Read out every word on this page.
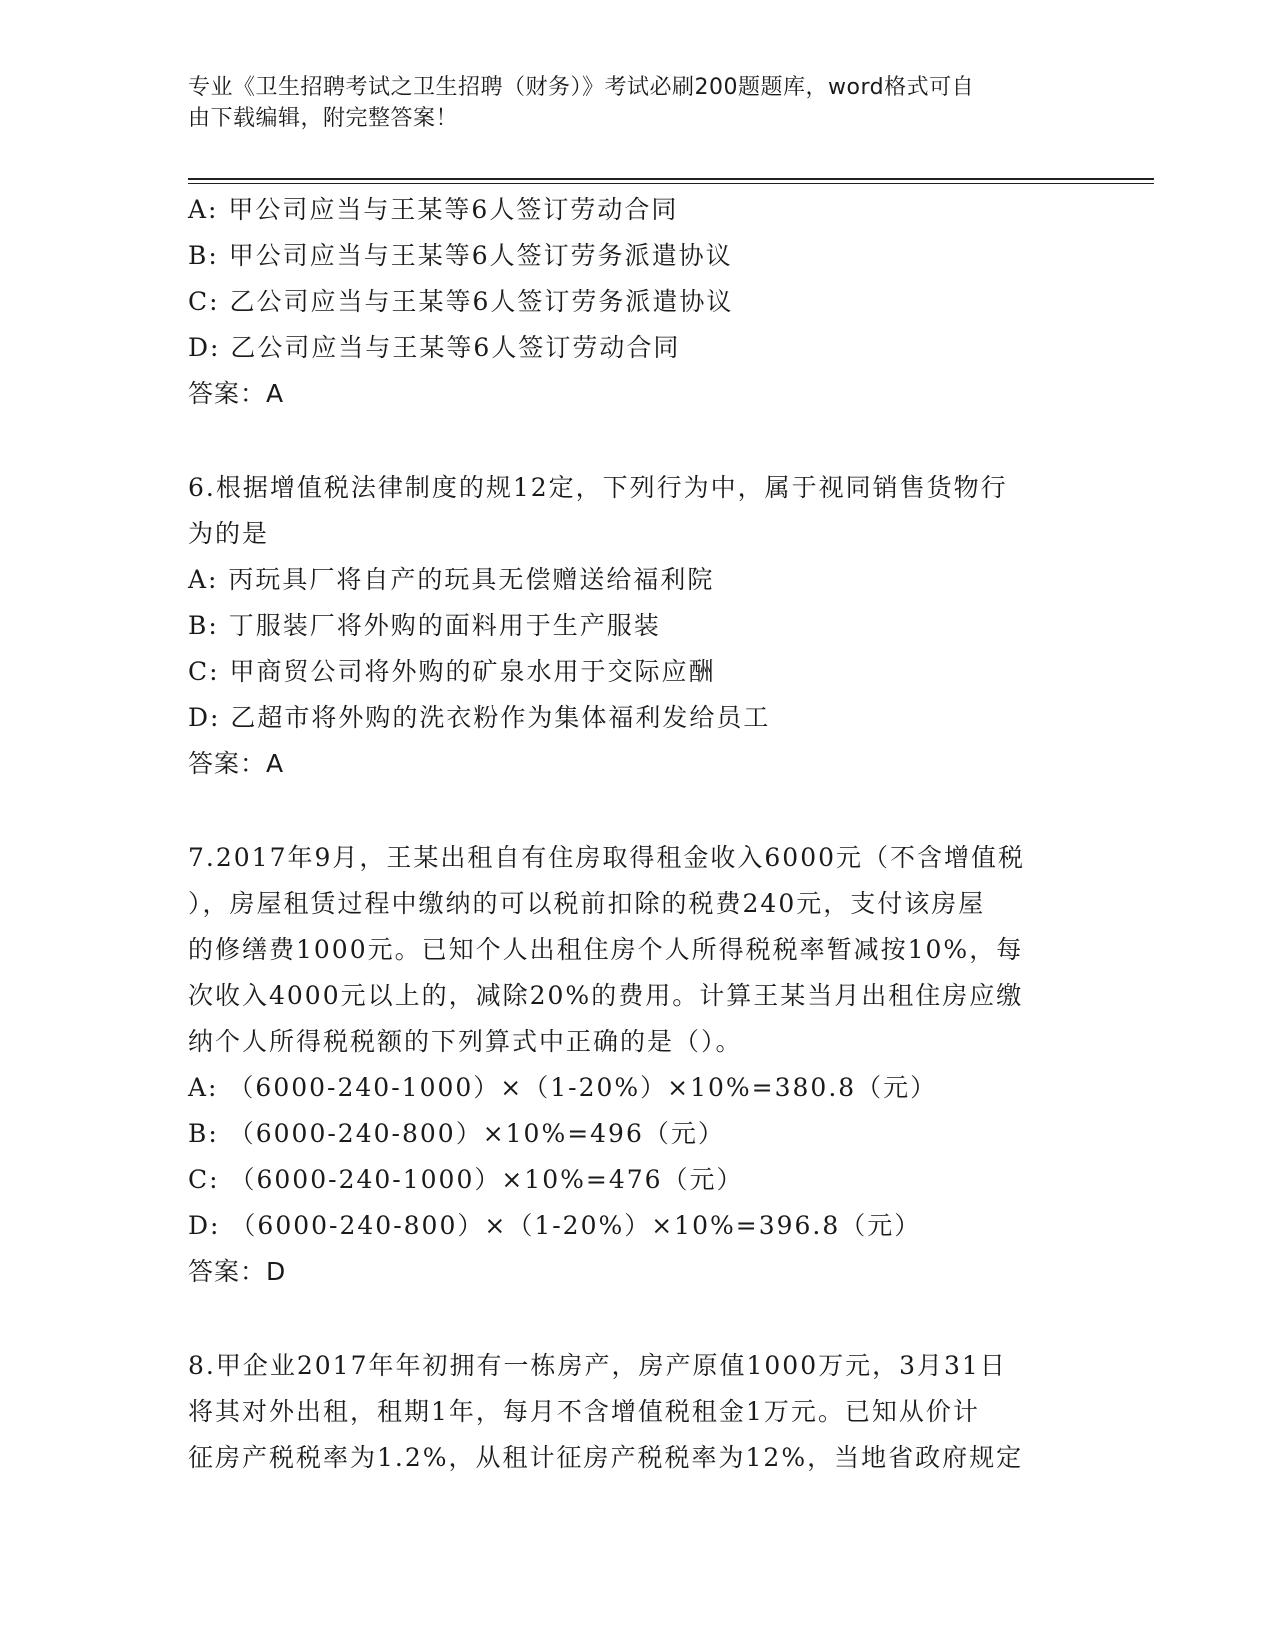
专业《卫生招聘考试之卫生招聘（财务）》考试必刷200题题库，word格式可自
由下载编辑，附完整答案！
A: 甲公司应当与王某等6人签订劳动合同
B: 甲公司应当与王某等6人签订劳务派遣协议
C: 乙公司应当与王某等6人签订劳务派遣协议
D: 乙公司应当与王某等6人签订劳动合同
答案：A
6.根据增值税法律制度的规12定，下列行为中，属于视同销售货物行
为的是
A: 丙玩具厂将自产的玩具无偿赠送给福利院
B: 丁服装厂将外购的面料用于生产服装
C: 甲商贸公司将外购的矿泉水用于交际应酬
D: 乙超市将外购的洗衣粉作为集体福利发给员工
答案：A
7.2017年9月，王某出租自有住房取得租金收入6000元（不含增值税
），房屋租赁过程中缴纳的可以税前扣除的税费240元，支付该房屋
的修缮费1000元。已知个人出租住房个人所得税税率暂减按10%，每
次收入4000元以上的，减除20%的费用。计算王某当月出租住房应缴
纳个人所得税税额的下列算式中正确的是（）。
A: （6000-240-1000）×（1-20%）×10%=380.8（元）
B: （6000-240-800）×10%=496（元）
C: （6000-240-1000）×10%=476（元）
D: （6000-240-800）×（1-20%）×10%=396.8（元）
答案：D
8.甲企业2017年年初拥有一栋房产，房产原值1000万元，3月31日
将其对外出租，租期1年，每月不含增值税租金1万元。已知从价计
征房产税税率为1.2%，从租计征房产税税率为12%，当地省政府规定
